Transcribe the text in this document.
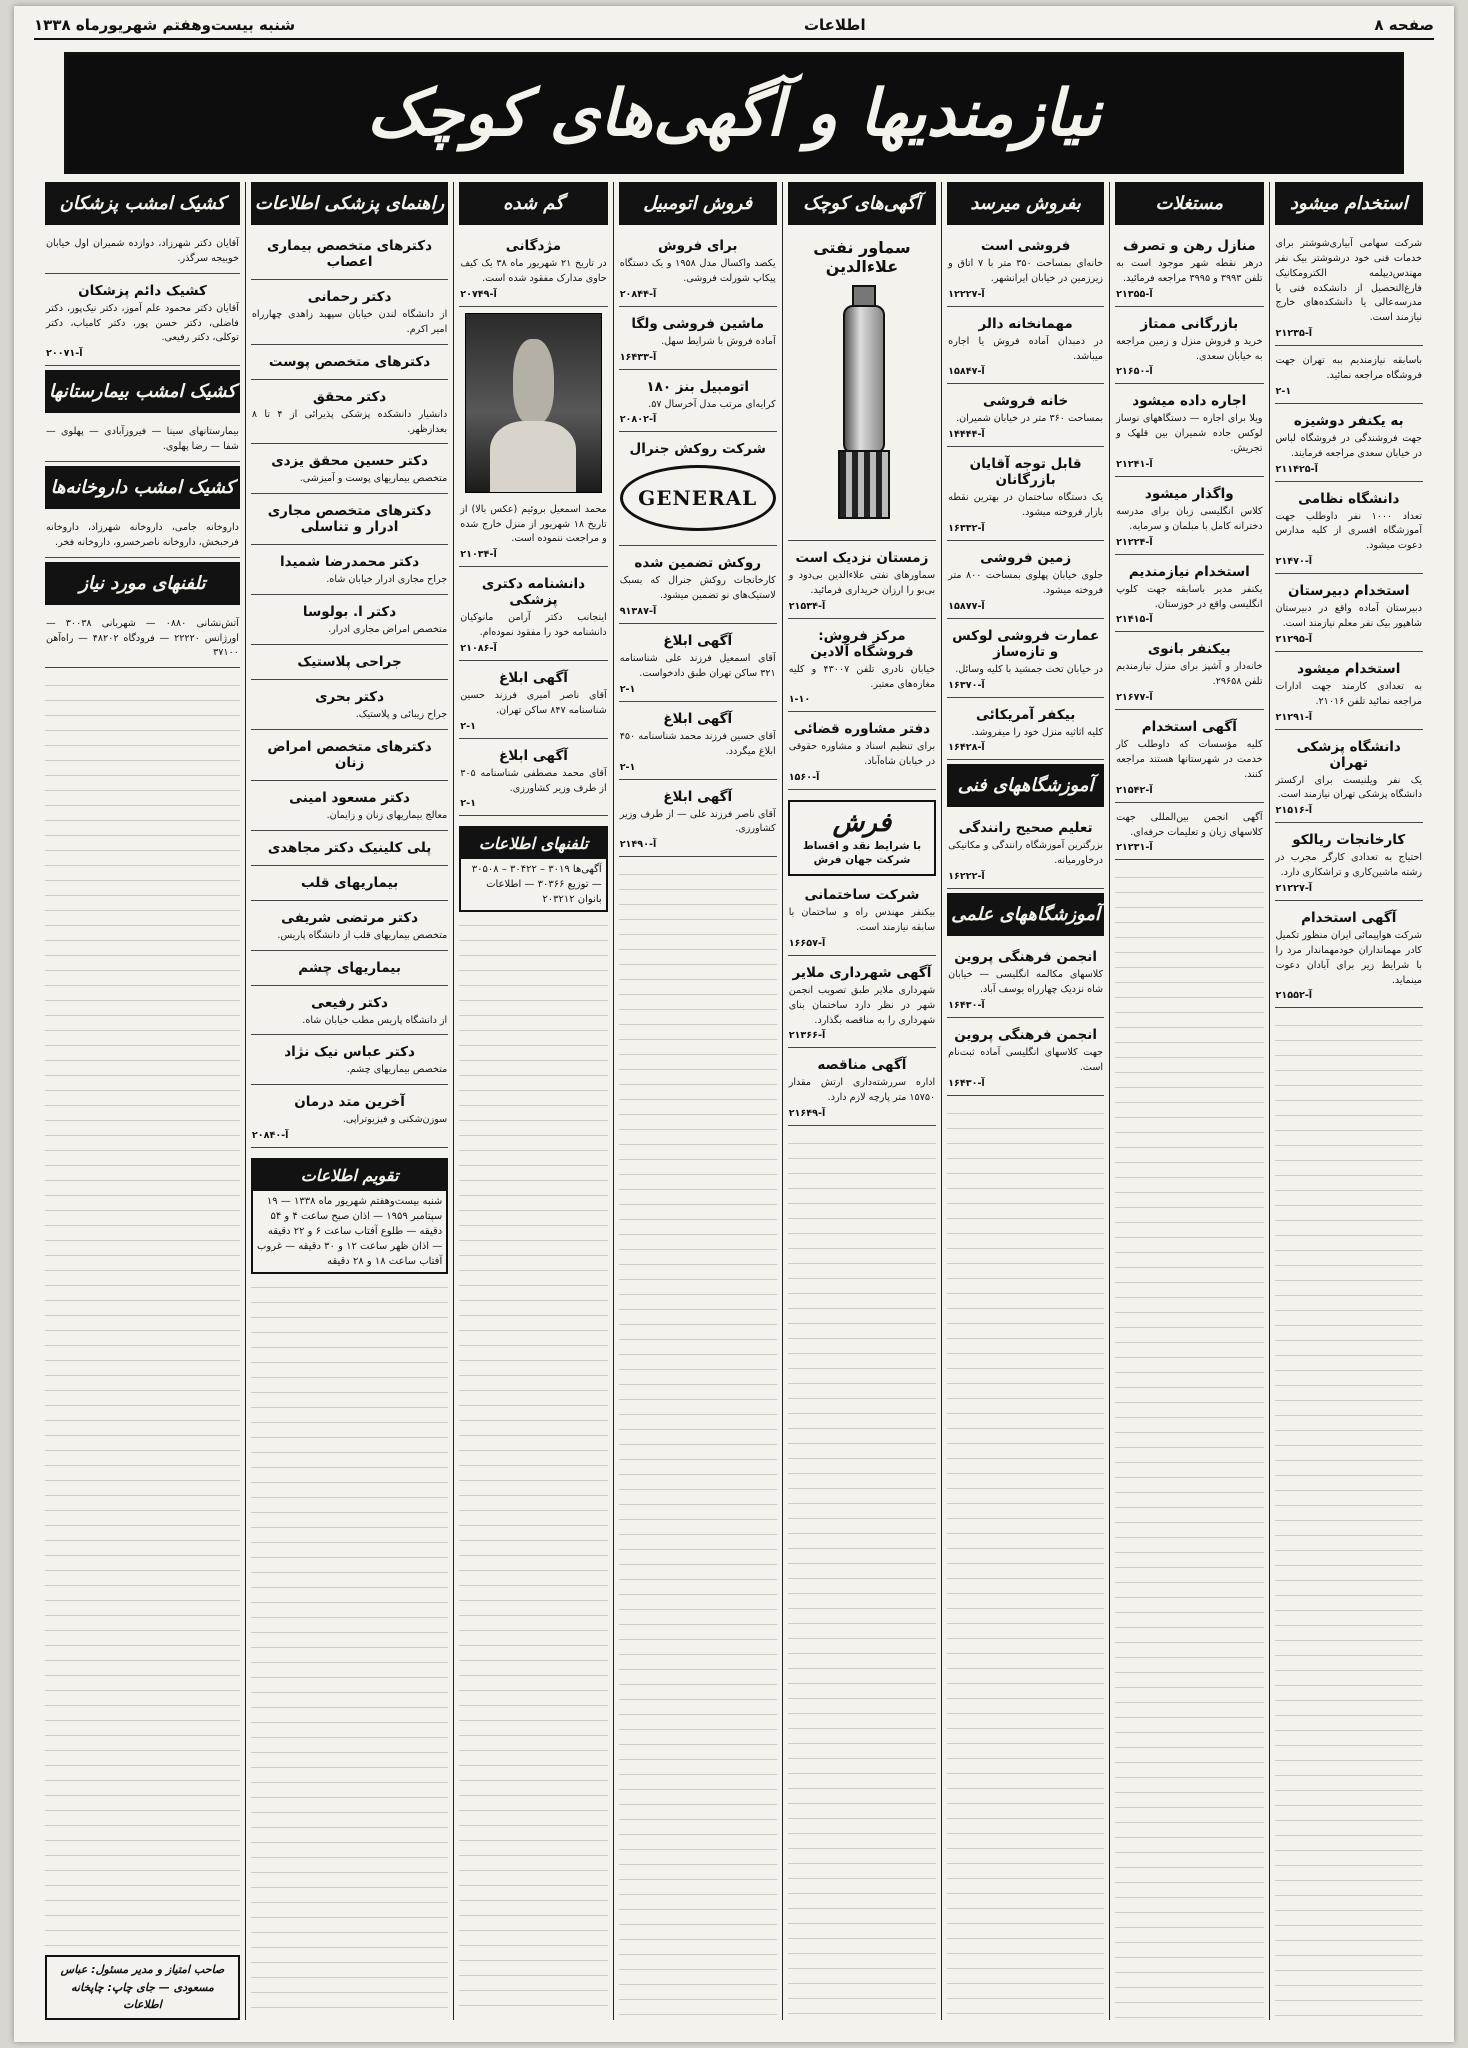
صفحه ۸
اطلاعات
شنبه بیست‌وهفتم شهریورماه ۱۳۳۸
نیازمندیها و آگهی‌های کوچک
استخدام میشود

شرکت سهامی آبیاری‌شوشتر برای خدمات فنی خود درشوشتر بیک نفر مهندس‌دیپلمه الکترومکانیک فارغ‌التحصیل از دانشکده فنی یا مدرسه‌عالی یا دانشکده‌های خارج نیازمند است.

آ-۲۱۲۳۵

باسابقه نیازمندیم ببه تهران جهت فروشگاه مراجعه نمائید.

۲-۱
به یکنفر دوشیزه

جهت فروشندگی در فروشگاه لباس در خیابان سعدی مراجعه فرمایند.

آ-۲۱۱۴۲۵
دانشگاه نظامی

تعداد ۱۰۰۰ نفر داوطلب جهت آموزشگاه افسری از کلیه مدارس دعوت میشود.

آ-۲۱۴۷۰
استخدام دبیرستان

دبیرستان آماده واقع در دبیرستان شاهپور بیک نفر معلم نیازمند است.

آ-۲۱۲۹۵
استخدام میشود

به تعدادی کارمند جهت ادارات مراجعه نمائید تلفن ۲۱۰۱۶.

آ-۲۱۲۹۱
دانشگاه پزشکی تهران

یک نفر ویلنیست برای ارکستر دانشگاه پزشکی تهران نیازمند است.

آ-۲۱۵۱۶
کارخانجات ریالکو

احتیاج به تعدادی کارگر مجرب در رشته ماشین‌کاری و تراشکاری دارد.

آ-۲۱۲۲۷
آگهی استخدام

شرکت هواپیمائی ایران منظور تکمیل کادر مهمانداران خودمهماندار مرد را با شرایط زیر برای آبادان دعوت مینماید.

آ-۲۱۵۵۲
مستغلات
منازل رهن و تصرف

درهر نقطه شهر موجود است به تلفن ۳۹۹۳ و ۳۹۹۵ مراجعه فرمائید.

آ-۲۱۳۵۵
بازرگانی ممتاز

خرید و فروش منزل و زمین مراجعه به خیابان سعدی.

آ-۲۱۶۵۰
اجاره داده میشود

ویلا برای اجاره — دستگاههای نوساز لوکس جاده شمیران بین قلهک و تجریش.

آ-۲۱۲۴۱
واگذار میشود

کلاس انگلیسی زبان برای مدرسه دخترانه کامل با مبلمان و سرمایه.

آ-۲۱۲۲۴
استخدام نیازمندیم

یکنفر مدیر باسابقه جهت کلوپ انگلیسی واقع در خوزستان.

آ-۲۱۴۱۵
بیکنفر بانوی

خانه‌دار و آشپز برای منزل نیازمندیم تلفن ۲۹۶۵۸.

آ-۲۱۶۷۷
آگهی استخدام

کلیه مؤسسات که داوطلب کار خدمت در شهرستانها هستند مراجعه کنند.

آ-۲۱۵۴۲

آگهی انجمن بین‌المللی جهت کلاسهای زبان و تعلیمات حرفه‌ای.

آ-۲۱۲۳۱
بفروش میرسد
فروشی است

خانه‌ای بمساحت ۳۵۰ متر با ۷ اتاق و زیرزمین در خیابان ایرانشهر.

آ-۱۲۲۲۷
مهمانخانه دالر

در دمبدان آماده فروش یا اجاره میباشد.

آ-۱۵۸۴۷
خانه فروشی

بمساحت ۳۶۰ متر در خیابان شمیران.

آ-۱۴۴۴۴
قابل توجه آقایان بازرگانان

یک دستگاه ساختمان در بهترین نقطه بازار فروخته میشود.

آ-۱۶۳۳۲
زمین فروشی

جلوی خیابان پهلوی بمساحت ۸۰۰ متر فروخته میشود.

آ-۱۵۸۷۷
عمارت فروشی لوکس و تازه‌ساز

در خیابان تخت جمشید با کلیه وسائل.

آ-۱۶۳۷۰
بیکفر آمریکائی

کلیه اثاثیه منزل خود را میفروشد.

آ-۱۶۴۲۸
آموزشگاههای فنی
تعلیم صحیح رانندگی

بزرگترین آموزشگاه رانندگی و مکانیکی درخاورمیانه.

آ-۱۶۲۲۲
آموزشگاههای علمی
انجمن فرهنگی پروین

کلاسهای مکالمه انگلیسی — خیابان شاه نزدیک چهارراه یوسف آباد.

آ-۱۶۴۳۰
انجمن فرهنگی پروین

جهت کلاسهای انگلیسی آماده ثبت‌نام است.

آ-۱۶۴۳۰
آگهی‌های کوچک
سماور نفتی علاءالدین
زمستان نزدیک است

سماورهای نفتی علاءالدین بی‌دود و بی‌بو را ارزان خریداری فرمائید.

آ-۲۱۵۳۴
مرکز فروش: فروشگاه آلادین

خیابان نادری تلفن ۴۳۰۰۷ و کلیه مغازه‌های معتبر.

۱-۱۰
دفتر مشاوره قضائی

برای تنظیم اسناد و مشاوره حقوقی در خیابان شاه‌آباد.

آ-۱۵۶۰
فرش

با شرایط نقد و اقساط

شرکت جهان فرش

شرکت ساختمانی

بیکنفر مهندس راه و ساختمان با سابقه نیازمند است.

آ-۱۶۶۵۷
آگهی شهرداری ملایر

شهرداری ملایر طبق تصویب انجمن شهر در نظر دارد ساختمان بنای شهرداری را به مناقصه بگذارد.

آ-۲۱۳۶۶
آگهی مناقصه

اداره سررشته‌داری ارتش مقدار ۱۵۷۵۰ متر پارچه لازم دارد.

آ-۲۱۶۴۹
فروش اتومبیل
برای فروش

یکصد واکسال مدل ۱۹۵۸ و یک دستگاه پیکاپ شورلت فروشی.

آ-۲۰۸۴۴
ماشین فروشی ولگا

آماده فروش با شرایط سهل.

آ-۱۶۴۳۳
اتومبیل بنز ۱۸۰

کرایه‌ای مرتب مدل آخرسال ۵۷.

آ-۲۰۸۰۲
شرکت روکش جنرال
GENERAL
روکش تضمین شده

کارخانجات روکش جنرال که بسبک لاستیک‌های نو تضمین میشود.

آ-۹۱۳۸۷
آگهی ابلاغ

آقای اسمعیل فرزند علی شناسنامه ۳۲۱ ساکن تهران طبق دادخواست.

۲-۱
آگهی ابلاغ

آقای حسین فرزند محمد شناسنامه ۴۵۰ ابلاغ میگردد.

۲-۱
آگهی ابلاغ

آقای ناصر فرزند علی — از طرف وزیر کشاورزی.

آ-۲۱۴۹۰
گم شده
مژدگانی

در تاریخ ۲۱ شهریور ماه ۳۸ یک کیف حاوی مدارک مفقود شده است.

آ-۲۰۷۴۹

محمد اسمعیل بروئیم (عکس بالا) از تاریخ ۱۸ شهریور از منزل خارج شده و مراجعت ننموده است.

آ-۲۱۰۳۴
دانشنامه دکتری پزشکی

اینجانب دکتر آرامن مانوکیان دانشنامه خود را مفقود نموده‌ام.

آ-۲۱۰۸۶
آگهی ابلاغ

آقای ناصر امیری فرزند حسین شناسنامه ۸۴۷ ساکن تهران.

۲-۱
آگهی ابلاغ

آقای محمد مصطفی شناسنامه ۳۰۵ از طرف وزیر کشاورزی.

۲-۱
تلفنهای اطلاعات

آگهی‌ها ۳۰۱۹ – ۳۰۴۲۲ – ۳۰۵۰۸ — توزیع ۳۰۳۶۶ — اطلاعات بانوان ۲۰۳۲۱۲

راهنمای پزشکی اطلاعات
دکترهای متخصص بیماری اعصاب
دکتر رحمانی

از دانشگاه لندن خیابان سپهبد زاهدی چهارراه امیر اکرم.

دکترهای متخصص پوست
دکتر محقق

دانشیار دانشکده پزشکی پذیرائی از ۴ تا ۸ بعدازظهر.

دکتر حسین محقق یزدی

متخصص بیماریهای پوست و آمیزشی.

دکترهای متخصص مجاری ادرار و تناسلی
دکتر محمدرضا شمیدا

جراح مجاری ادرار خیابان شاه.

دکتر ا. بولوسا

متخصص امراض مجاری ادرار.

جراحی پلاستیک
دکتر بحری

جراح زیبائی و پلاستیک.

دکترهای متخصص امراض زنان
دکتر مسعود امینی

معالج بیماریهای زنان و زایمان.

پلی کلینیک دکتر مجاهدی
بیماریهای قلب
دکتر مرتضی شریفی

متخصص بیماریهای قلب از دانشگاه پاریس.

بیماریهای چشم
دکتر رفیعی

از دانشگاه پاریس مطب خیابان شاه.

دکتر عباس نیک نژاد

متخصص بیماریهای چشم.

آخرین متد درمان

سوزن‌شکنی و فیزیوتراپی.

آ-۲۰۸۴۰
تقویم اطلاعات

شنبه بیست‌وهفتم شهریور ماه ۱۳۳۸ — ۱۹ سپتامبر ۱۹۵۹ — اذان صبح ساعت ۴ و ۵۴ دقیقه — طلوع آفتاب ساعت ۶ و ۲۲ دقیقه — اذان ظهر ساعت ۱۲ و ۳۰ دقیقه — غروب آفتاب ساعت ۱۸ و ۲۸ دقیقه

کشیک امشب پزشکان

آقایان دکتر شهرزاد، دوازده شمیران اول خیابان خوبیجه سرگذر.

کشیک دائم پزشکان

آقایان دکتر محمود علم آموز، دکتر نیک‌پور، دکتر فاضلی، دکتر حسن پور، دکتر کامیاب، دکتر توکلی، دکتر رفیعی.

آ-۲۰۰۷۱
کشیک امشب بیمارستانها

بیمارستانهای سینا — فیروزآبادی — پهلوی — شفا — رضا پهلوی.

کشیک امشب داروخانه‌ها

داروخانه جامی، داروخانه شهرزاد، داروخانه فرحبخش، داروخانه ناصرخسرو، داروخانه فخر.

تلفنهای مورد نیاز

آتش‌نشانی ۰۸۸۰ — شهربانی ۳۰۰۳۸ — اورژانس ۲۲۲۲۰ — فرودگاه ۴۸۲۰۲ — راه‌آهن ۳۷۱۰۰

صاحب امتیاز و مدیر مسئول: عباس مسعودی — جای چاپ: چاپخانه اطلاعات
